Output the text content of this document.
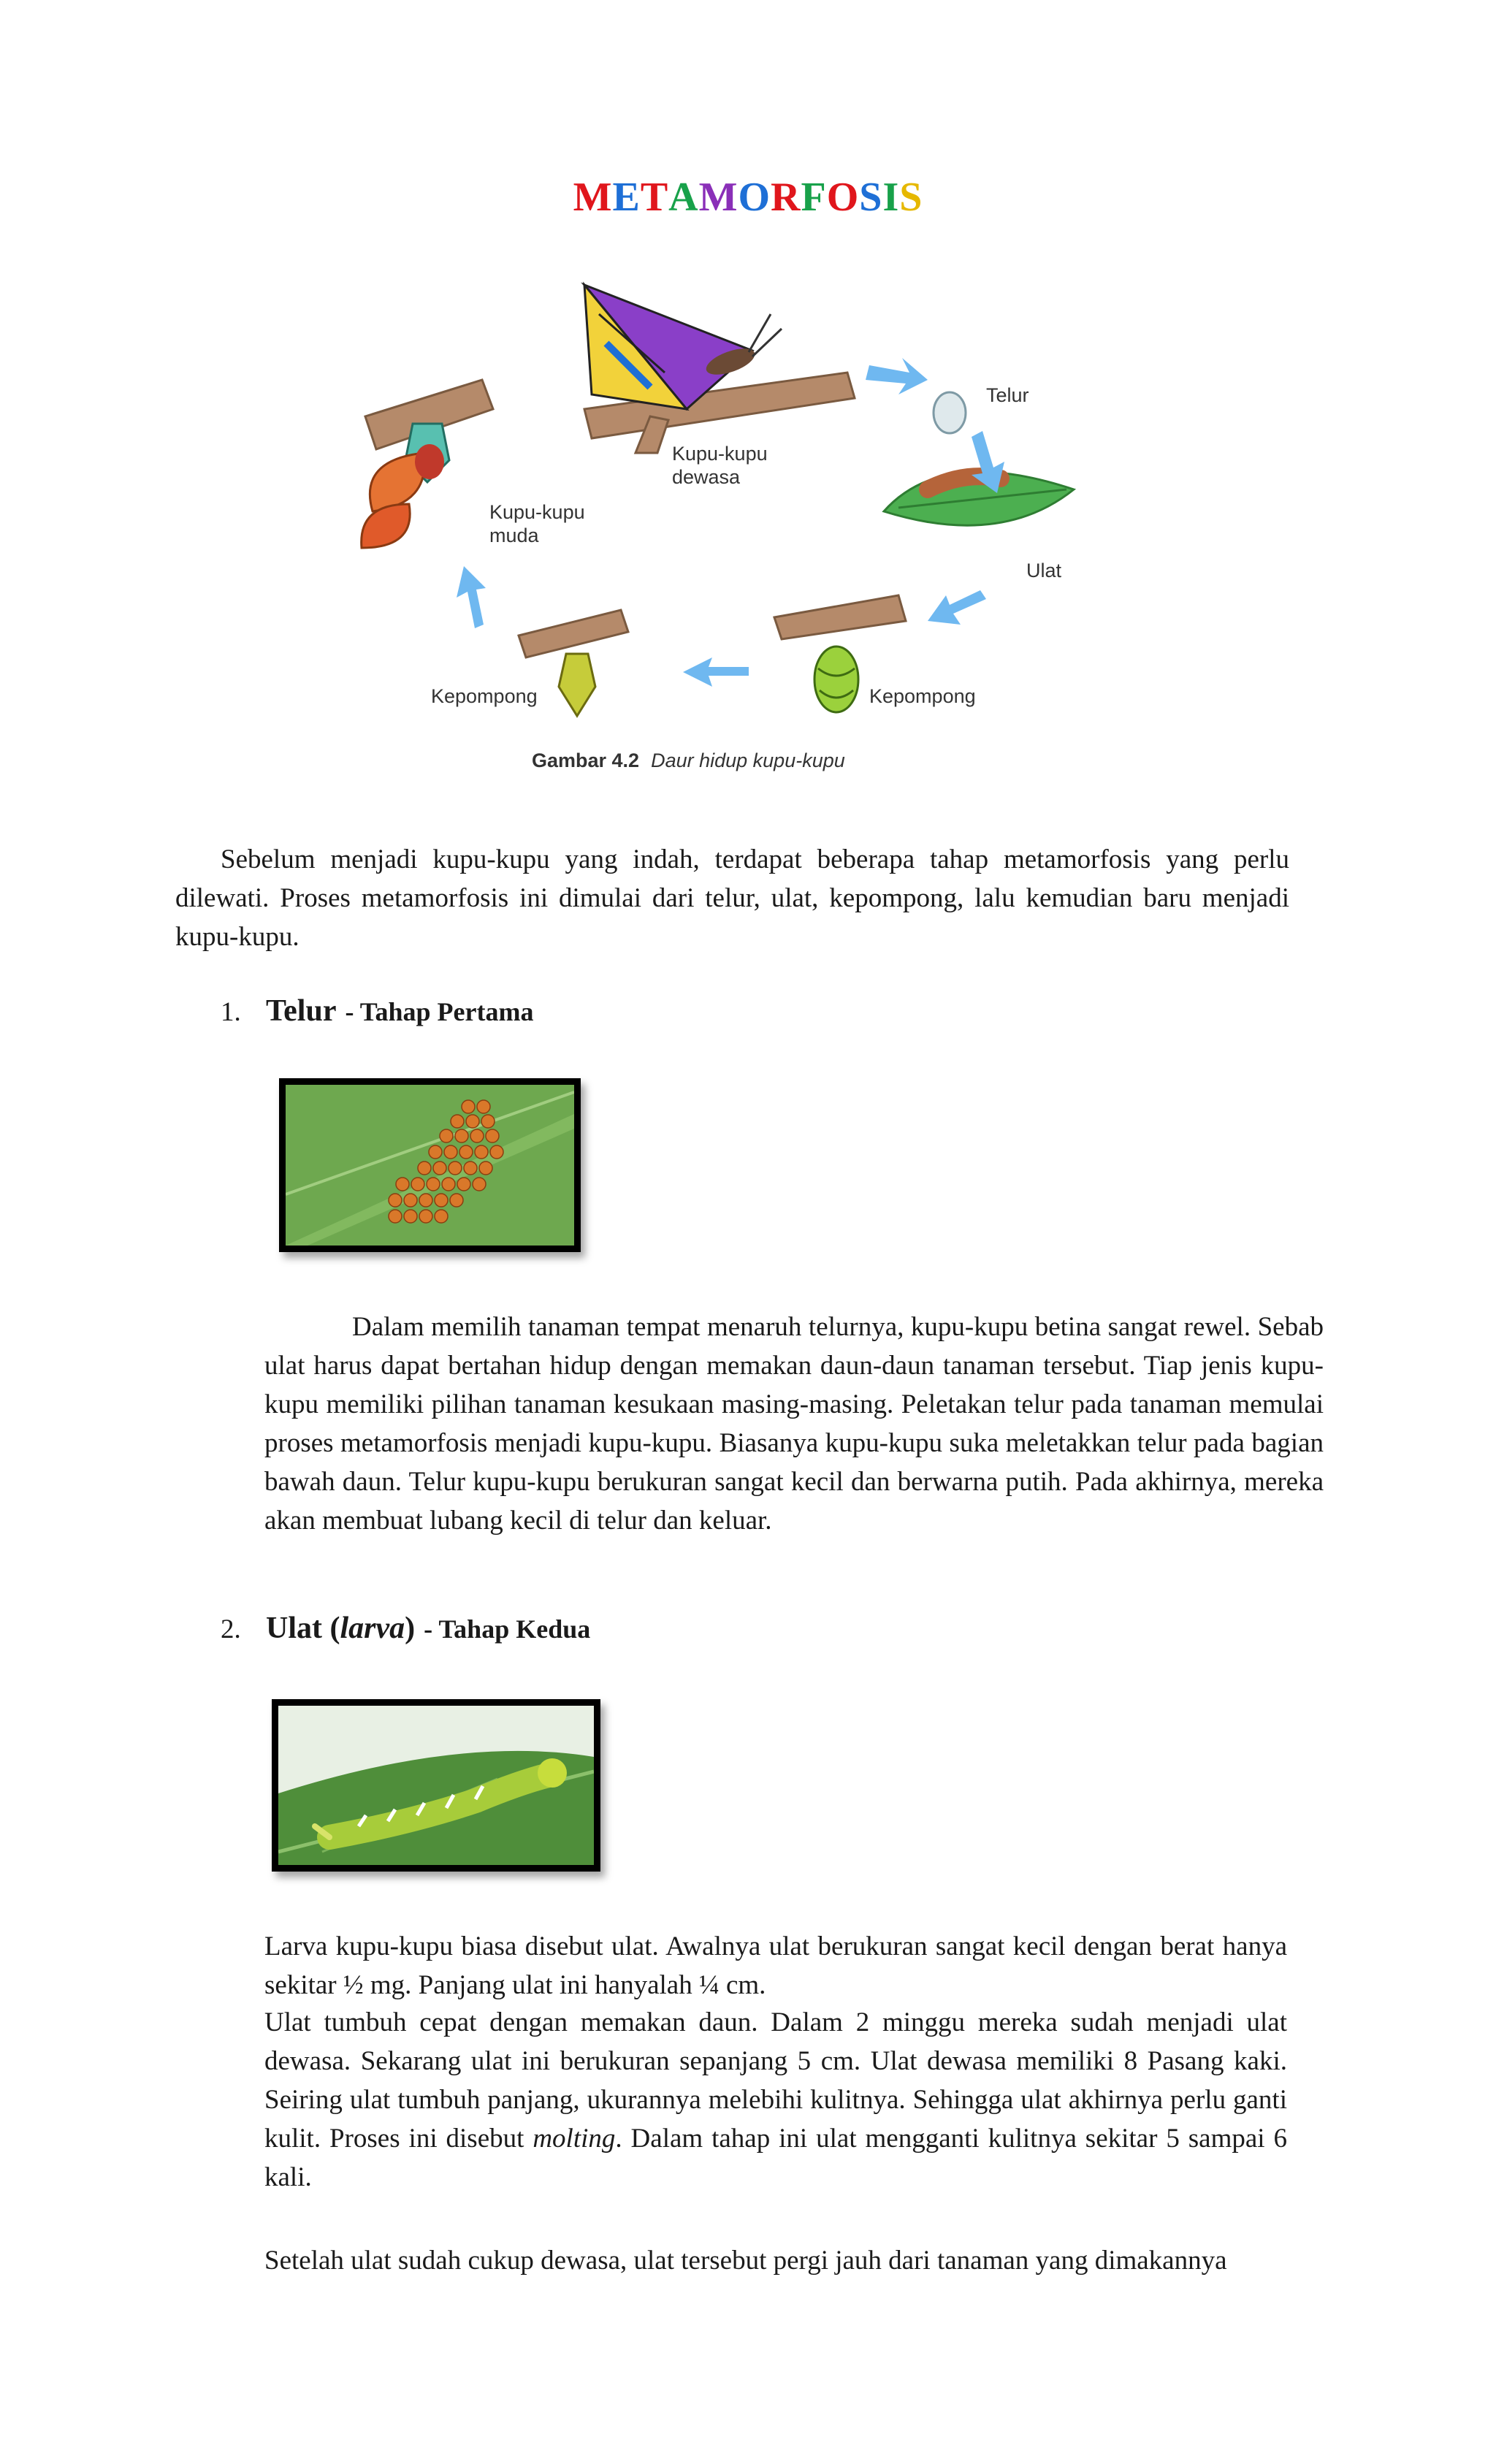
METAMORFOSIS
Telur
Kupu-kupu
dewasa
Kupu-kupu
muda
Ulat
Kepompong	Kepompong
Gambar 4.2 Daur hidup kupu-kupu

Sebelum menjadi kupu-kupu yang indah, terdapat beberapa tahap metamorfosis yang perlu dilewati. Proses metamorfosis ini dimulai dari telur, ulat, kepompong, lalu kemudian baru menjadi kupu-kupu.

1. Telur - Tahap Pertama

Dalam memilih tanaman tempat menaruh telurnya, kupu-kupu betina sangat rewel. Sebab ulat harus dapat bertahan hidup dengan memakan daun-daun tanaman tersebut. Tiap jenis kupu-kupu memiliki pilihan tanaman kesukaan masing-masing. Peletakan telur pada tanaman memulai proses metamorfosis menjadi kupu-kupu. Biasanya kupu-kupu suka meletakkan telur pada bagian bawah daun. Telur kupu-kupu berukuran sangat kecil dan berwarna putih. Pada akhirnya, mereka akan membuat lubang kecil di telur dan keluar.

2. Ulat (larva) - Tahap Kedua

Larva kupu-kupu biasa disebut ulat. Awalnya ulat berukuran sangat kecil dengan berat hanya sekitar ½ mg. Panjang ulat ini hanyalah ¼ cm.

Ulat tumbuh cepat dengan memakan daun. Dalam 2 minggu mereka sudah menjadi ulat dewasa. Sekarang ulat ini berukuran sepanjang 5 cm. Ulat dewasa memiliki 8 Pasang kaki. Seiring ulat tumbuh panjang, ukurannya melebihi kulitnya. Sehingga ulat akhirnya perlu ganti kulit. Proses ini disebut molting. Dalam tahap ini ulat mengganti kulitnya sekitar 5 sampai 6 kali.

Setelah ulat sudah cukup dewasa, ulat tersebut pergi jauh dari tanaman yang dimakannya
